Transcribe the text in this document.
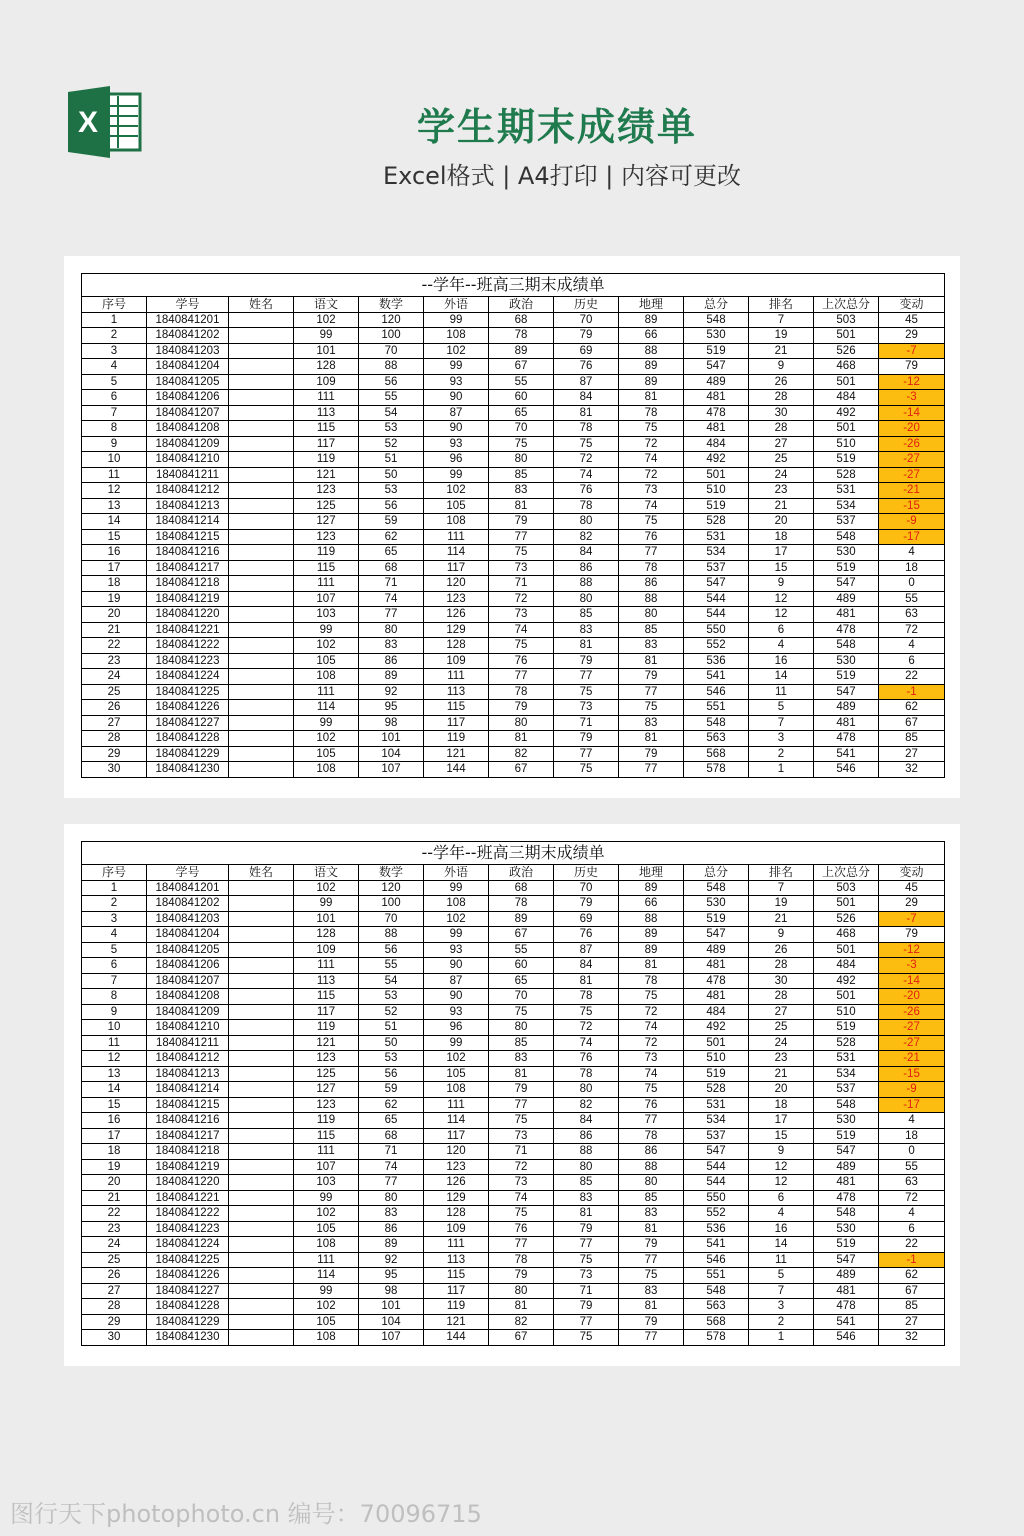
X	学生期末成绩单
Excel格式 | A4打印 | 内容可更改
--学年--班高三期末成绩单												
序号	学号	姓名	语文	数学	外语	政治	历史	地理	总分	排名	上次总分	变动
1	1840841201		102	120	99	68	70	89	548	7	503	45
2	1840841202		99	100	108	78	79	66	530	19	501	29
3	1840841203		101	70	102	89	69	88	519	21	526	-7
4	1840841204		128	88	99	67	76	89	547	9	468	79
5	1840841205		109	56	93	55	87	89	489	26	501	-12
6	1840841206		111	55	90	60	84	81	481	28	484	-3
7	1840841207		113	54	87	65	81	78	478	30	492	-14
8	1840841208		115	53	90	70	78	75	481	28	501	-20
9	1840841209		117	52	93	75	75	72	484	27	510	-26
10	1840841210		119	51	96	80	72	74	492	25	519	-27
11	1840841211		121	50	99	85	74	72	501	24	528	-27
12	1840841212		123	53	102	83	76	73	510	23	531	-21
13	1840841213		125	56	105	81	78	74	519	21	534	-15
14	1840841214		127	59	108	79	80	75	528	20	537	-9
15	1840841215		123	62	111	77	82	76	531	18	548	-17
16	1840841216		119	65	114	75	84	77	534	17	530	4
17	1840841217		115	68	117	73	86	78	537	15	519	18
18	1840841218		111	71	120	71	88	86	547	9	547	0
19	1840841219		107	74	123	72	80	88	544	12	489	55
20	1840841220		103	77	126	73	85	80	544	12	481	63
21	1840841221		99	80	129	74	83	85	550	6	478	72
22	1840841222		102	83	128	75	81	83	552	4	548	4
23	1840841223		105	86	109	76	79	81	536	16	530	6
24	1840841224		108	89	111	77	77	79	541	14	519	22
25	1840841225		111	92	113	78	75	77	546	11	547	-1
26	1840841226		114	95	115	79	73	75	551	5	489	62
27	1840841227		99	98	117	80	71	83	548	7	481	67
28	1840841228		102	101	119	81	79	81	563	3	478	85
29	1840841229		105	104	121	82	77	79	568	2	541	27
30	1840841230		108	107	144	67	75	77	578	1	546	32
--学年--班高三期末成绩单												
序号	学号	姓名	语文	数学	外语	政治	历史	地理	总分	排名	上次总分	变动
1	1840841201		102	120	99	68	70	89	548	7	503	45
2	1840841202		99	100	108	78	79	66	530	19	501	29
3	1840841203		101	70	102	89	69	88	519	21	526	-7
4	1840841204		128	88	99	67	76	89	547	9	468	79
5	1840841205		109	56	93	55	87	89	489	26	501	-12
6	1840841206		111	55	90	60	84	81	481	28	484	-3
7	1840841207		113	54	87	65	81	78	478	30	492	-14
8	1840841208		115	53	90	70	78	75	481	28	501	-20
9	1840841209		117	52	93	75	75	72	484	27	510	-26
10	1840841210		119	51	96	80	72	74	492	25	519	-27
11	1840841211		121	50	99	85	74	72	501	24	528	-27
12	1840841212		123	53	102	83	76	73	510	23	531	-21
13	1840841213		125	56	105	81	78	74	519	21	534	-15
14	1840841214		127	59	108	79	80	75	528	20	537	-9
15	1840841215		123	62	111	77	82	76	531	18	548	-17
16	1840841216		119	65	114	75	84	77	534	17	530	4
17	1840841217		115	68	117	73	86	78	537	15	519	18
18	1840841218		111	71	120	71	88	86	547	9	547	0
19	1840841219		107	74	123	72	80	88	544	12	489	55
20	1840841220		103	77	126	73	85	80	544	12	481	63
21	1840841221		99	80	129	74	83	85	550	6	478	72
22	1840841222		102	83	128	75	81	83	552	4	548	4
23	1840841223		105	86	109	76	79	81	536	16	530	6
24	1840841224		108	89	111	77	77	79	541	14	519	22
25	1840841225		111	92	113	78	75	77	546	11	547	-1
26	1840841226		114	95	115	79	73	75	551	5	489	62
27	1840841227		99	98	117	80	71	83	548	7	481	67
28	1840841228		102	101	119	81	79	81	563	3	478	85
29	1840841229		105	104	121	82	77	79	568	2	541	27
30	1840841230		108	107	144	67	75	77	578	1	546	32
图行天下photophoto.cn 编号：70096715
